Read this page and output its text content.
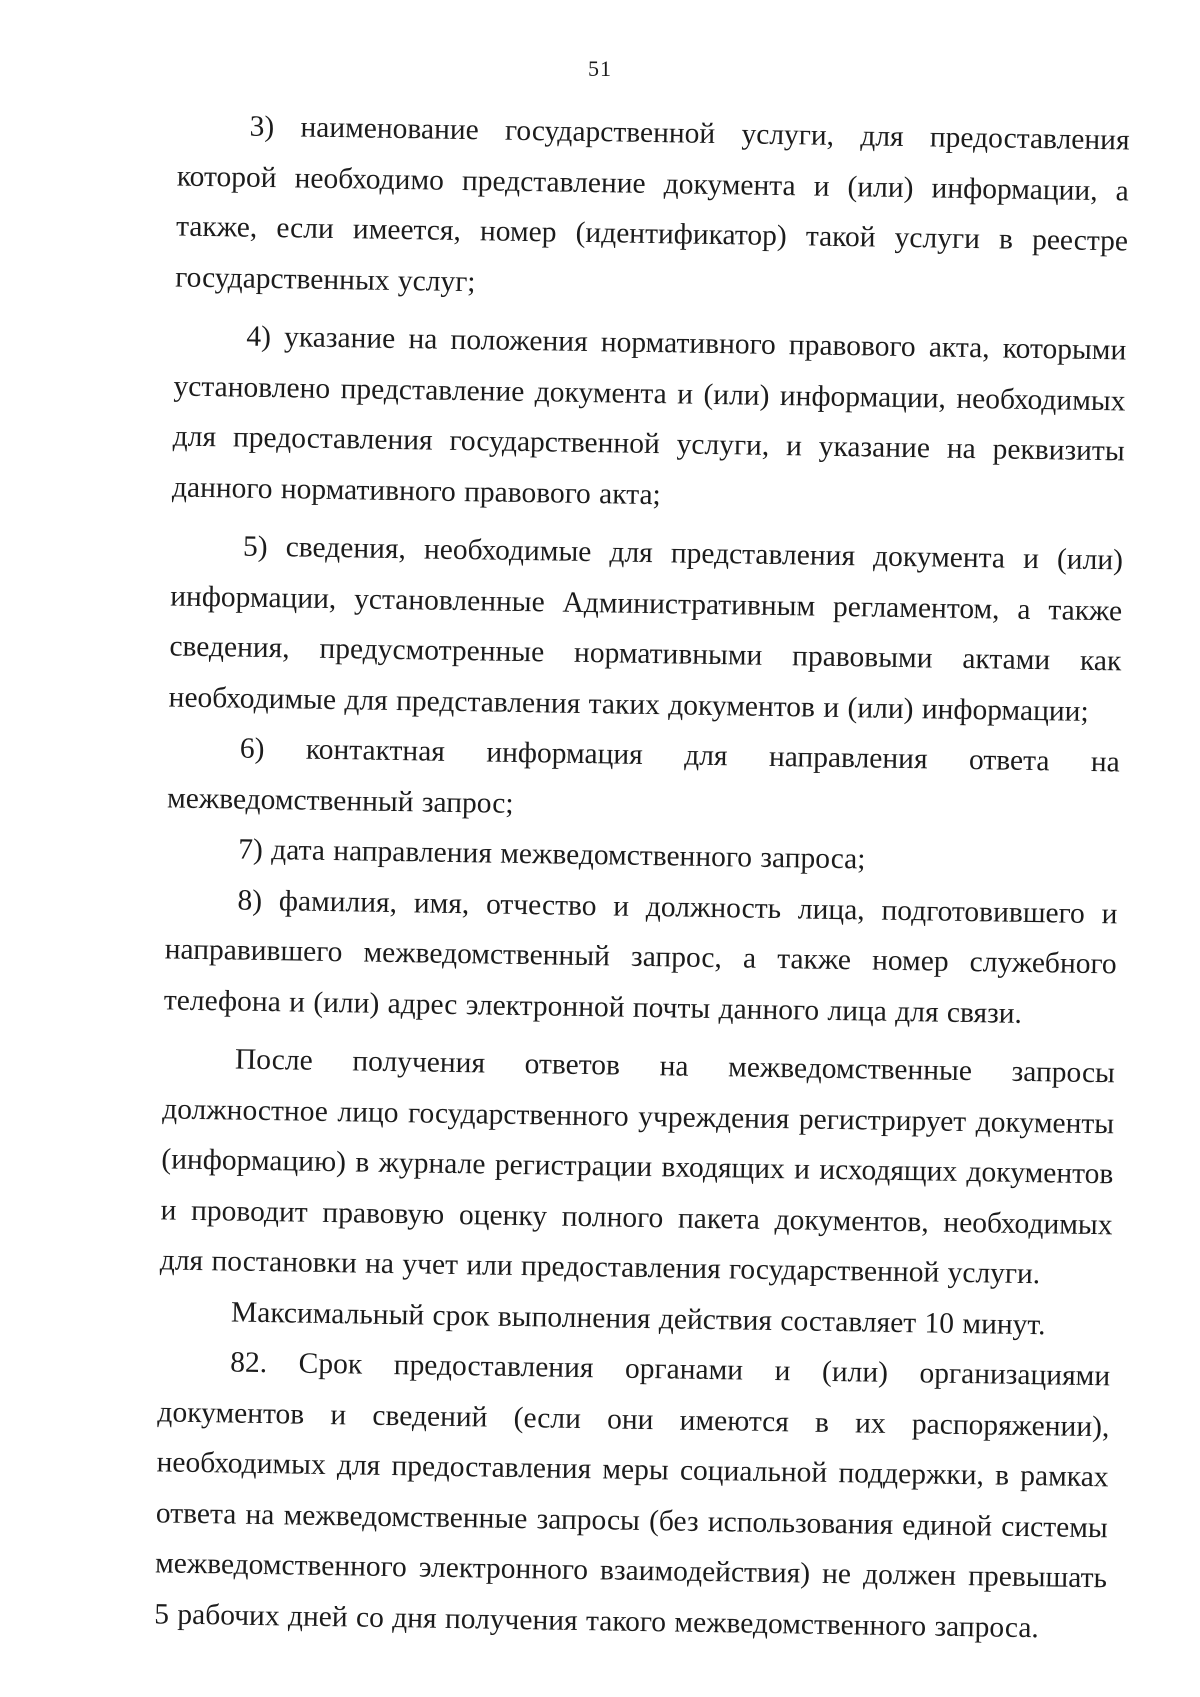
51

3) наименование государственной услуги, для предоставления которой необходимо представление документа и (или) информации, а также, если имеется, номер (идентификатор) такой услуги в реестре государственных услуг;

4) указание на положения нормативного правового акта, которыми установлено представление документа и (или) информации, необходимых для предоставления государственной услуги, и указание на реквизиты данного нормативного правового акта;

5) сведения, необходимые для представления документа и (или) информации, установленные Административным регламентом, а также сведения, предусмотренные нормативными правовыми актами как необходимые для представления таких документов и (или) информации;

6) контактная информация для направления ответа на межведомственный запрос;

7) дата направления межведомственного запроса;

8) фамилия, имя, отчество и должность лица, подготовившего и направившего межведомственный запрос, а также номер служебного телефона и (или) адрес электронной почты данного лица для связи.

После получения ответов на межведомственные запросы должностное лицо государственного учреждения регистрирует документы (информацию) в журнале регистрации входящих и исходящих документов и проводит правовую оценку полного пакета документов, необходимых для постановки на учет или предоставления государственной услуги.

Максимальный срок выполнения действия составляет 10 минут.

82. Срок предоставления органами и (или) организациями документов и сведений (если они имеются в их распоряжении), необходимых для предоставления меры социальной поддержки, в рамках ответа на межведомственные запросы (без использования единой системы межведомственного электронного взаимодействия) не должен превышать 5 рабочих дней со дня получения такого межведомственного запроса.
